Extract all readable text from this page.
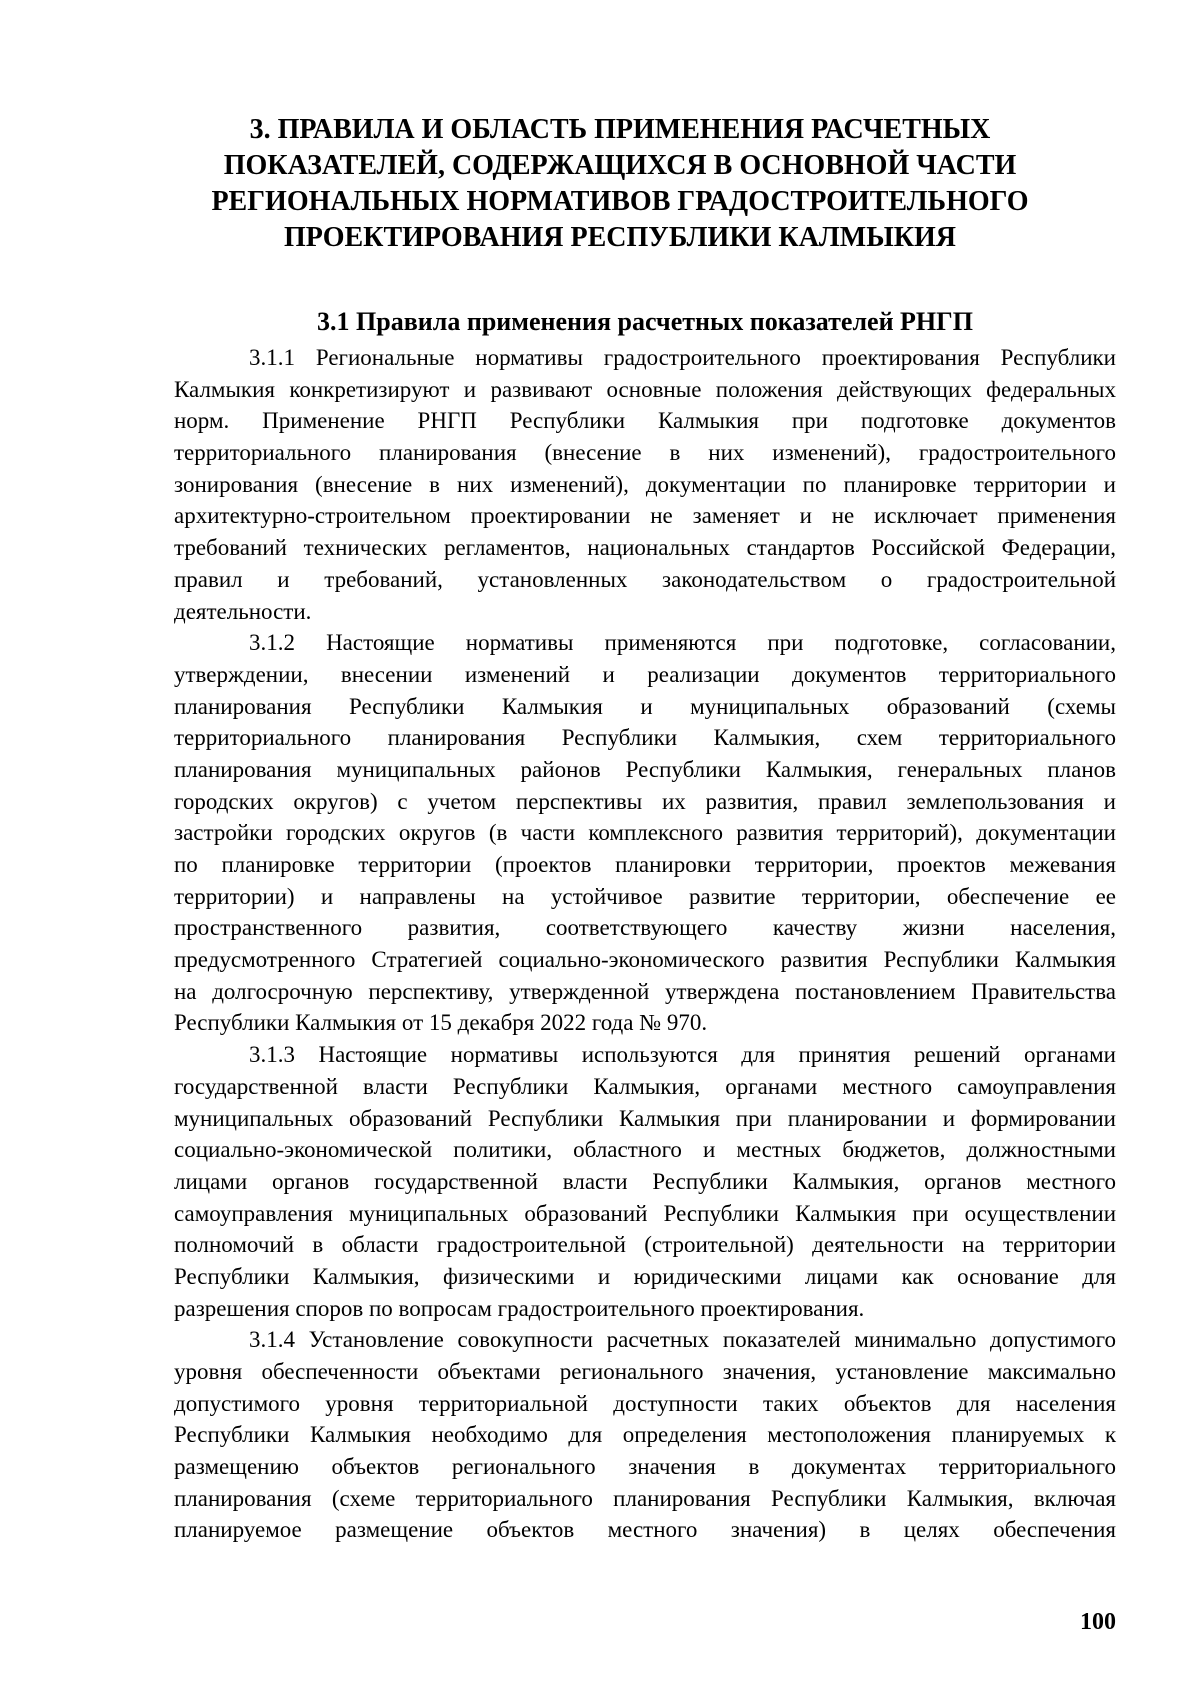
3. ПРАВИЛА И ОБЛАСТЬ ПРИМЕНЕНИЯ РАСЧЕТНЫХ
ПОКАЗАТЕЛЕЙ, СОДЕРЖАЩИХСЯ В ОСНОВНОЙ ЧАСТИ
РЕГИОНАЛЬНЫХ НОРМАТИВОВ ГРАДОСТРОИТЕЛЬНОГО
ПРОЕКТИРОВАНИЯ РЕСПУБЛИКИ КАЛМЫКИЯ
3.1 Правила применения расчетных показателей РНГП

3.1.1 Региональные нормативы градостроительного проектирования Республики
Калмыкия конкретизируют и развивают основные положения действующих федеральных
норм. Применение РНГП Республики Калмыкия при подготовке документов
территориального планирования (внесение в них изменений), градостроительного
зонирования (внесение в них изменений), документации по планировке территории и
архитектурно-строительном проектировании не заменяет и не исключает применения
требований технических регламентов, национальных стандартов Российской Федерации,
правил и требований, установленных законодательством о градостроительной
деятельности.

3.1.2 Настоящие нормативы применяются при подготовке, согласовании,
утверждении, внесении изменений и реализации документов территориального
планирования Республики Калмыкия и муниципальных образований (схемы
территориального планирования Республики Калмыкия, схем территориального
планирования муниципальных районов Республики Калмыкия, генеральных планов
городских округов) с учетом перспективы их развития, правил землепользования и
застройки городских округов (в части комплексного развития территорий), документации
по планировке территории (проектов планировки территории, проектов межевания
территории) и направлены на устойчивое развитие территории, обеспечение ее
пространственного развития, соответствующего качеству жизни населения,
предусмотренного Стратегией социально-экономического развития Республики Калмыкия
на долгосрочную перспективу, утвержденной утверждена постановлением Правительства
Республики Калмыкия от 15 декабря 2022 года № 970.

3.1.3 Настоящие нормативы используются для принятия решений органами
государственной власти Республики Калмыкия, органами местного самоуправления
муниципальных образований Республики Калмыкия при планировании и формировании
социально-экономической политики, областного и местных бюджетов, должностными
лицами органов государственной власти Республики Калмыкия, органов местного
самоуправления муниципальных образований Республики Калмыкия при осуществлении
полномочий в области градостроительной (строительной) деятельности на территории
Республики Калмыкия, физическими и юридическими лицами как основание для
разрешения споров по вопросам градостроительного проектирования.

3.1.4 Установление совокупности расчетных показателей минимально допустимого
уровня обеспеченности объектами регионального значения, установление максимально
допустимого уровня территориальной доступности таких объектов для населения
Республики Калмыкия необходимо для определения местоположения планируемых к
размещению объектов регионального значения в документах территориального
планирования (схеме территориального планирования Республики Калмыкия, включая
планируемое размещение объектов местного значения) в целях обеспечения

100
